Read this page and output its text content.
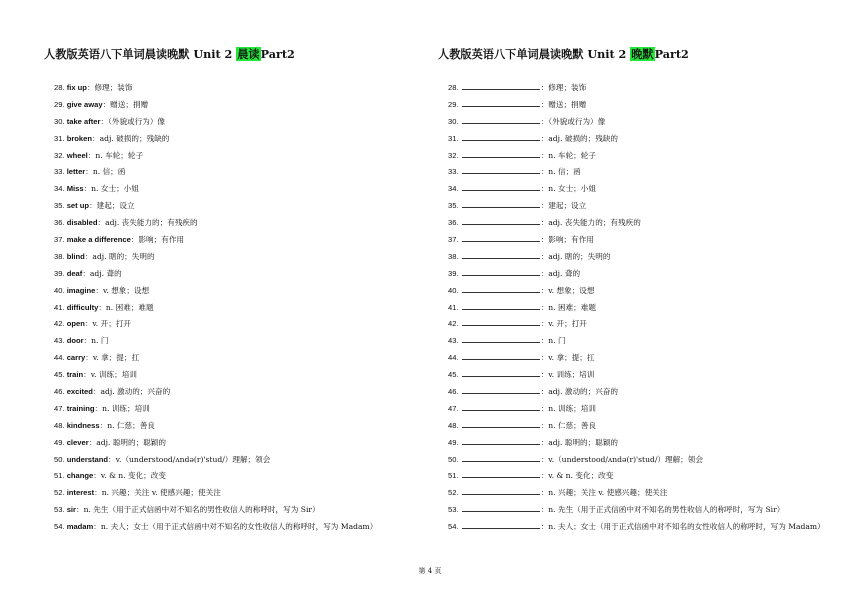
人教版英语八下单词晨读晚默 Unit 2 晨读Part2
28. fix up：修理；装饰
29. give away：赠送；捐赠
30. take after：（外貌或行为）像
31. broken：adj. 破损的；残缺的
32. wheel：n. 车轮；轮子
33. letter：n. 信；函
34. Miss：n. 女士；小姐
35. set up：建起；设立
36. disabled：adj. 丧失能力的；有残疾的
37. make a difference：影响；有作用
38. blind：adj. 瞎的；失明的
39. deaf：adj. 聋的
40. imagine：v. 想象；设想
41. difficulty：n. 困难；难题
42. open：v. 开；打开
43. door：n. 门
44. carry：v. 拿；提；扛
45. train：v. 训练；培训
46. excited：adj. 激动的；兴奋的
47. training：n. 训练；培训
48. kindness：n. 仁慈；善良
49. clever：adj. 聪明的；聪颖的
50. understand：v.（understood/ʌndə(r)'stud/）理解；领会
51. change：v. & n. 变化；改变
52. interest：n. 兴趣；关注 v. 使感兴趣；使关注
53. sir：n. 先生（用于正式信函中对不知名的男性收信人的称呼时，写为 Sir）
54. madam：n. 夫人；女士（用于正式信函中对不知名的女性收信人的称呼时，写为 Madam）
人教版英语八下单词晨读晚默 Unit 2 晚默Part2
28.	：修理；装饰
29.	：赠送；捐赠
30.	：（外貌或行为）像
31.	：adj. 破损的；残缺的
32.	：n. 车轮；轮子
33.	：n. 信；函
34.	：n. 女士；小姐
35.	：建起；设立
36.	：adj. 丧失能力的；有残疾的
37.	：影响；有作用
38.	：adj. 瞎的；失明的
39.	：adj. 聋的
40.	：v. 想象；设想
41.	：n. 困难；难题
42.	：v. 开；打开
43.	：n. 门
44.	：v. 拿；提；扛
45.	：v. 训练；培训
46.	：adj. 激动的；兴奋的
47.	：n. 训练；培训
48.	：n. 仁慈；善良
49.	：adj. 聪明的；聪颖的
50.	：v.（understood/ʌndə(r)'stud/）理解；领会
51.	：v. & n. 变化；改变
52.	：n. 兴趣；关注 v. 使感兴趣；使关注
53.	：n. 先生（用于正式信函中对不知名的男性收信人的称呼时，写为 Sir）
54.	：n. 夫人；女士（用于正式信函中对不知名的女性收信人的称呼时，写为 Madam）
第 4 页
